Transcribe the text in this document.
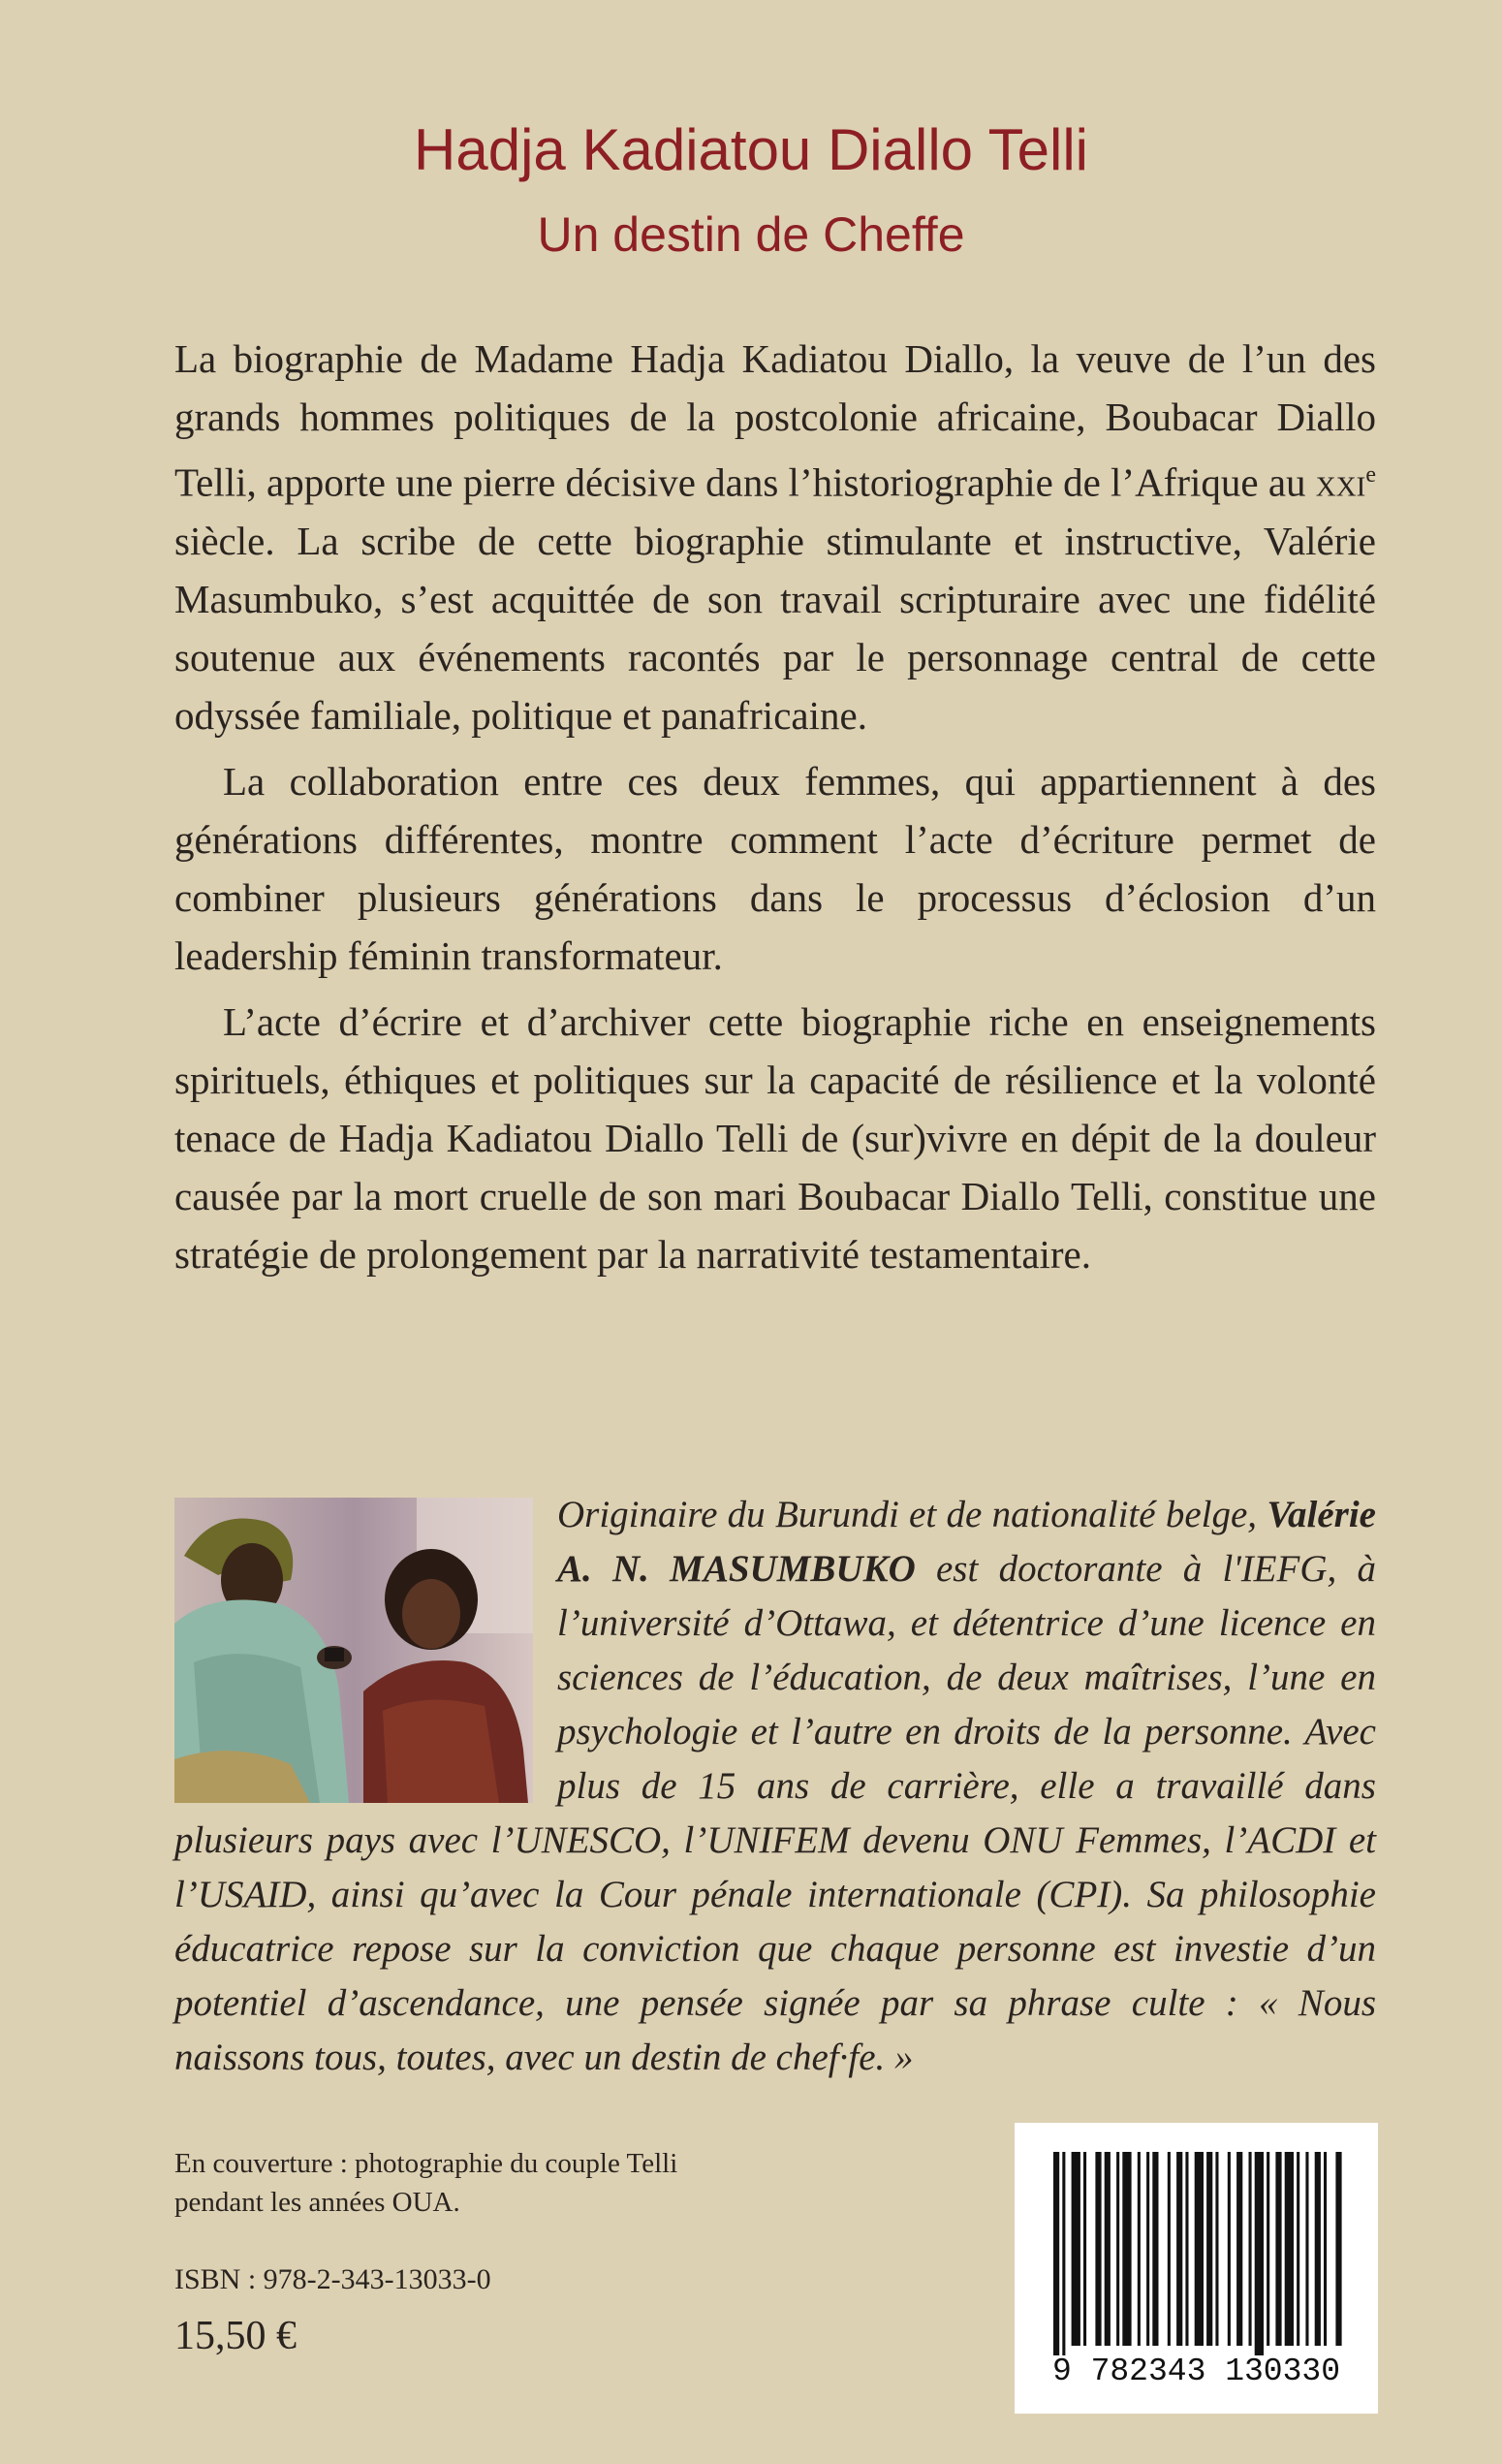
Hadja Kadiatou Diallo Telli
Un destin de Cheffe

La biographie de Madame Hadja Kadiatou Diallo, la veuve de l’un des grands hommes politiques de la postcolonie africaine, Boubacar Diallo Telli, apporte une pierre décisive dans l’historiographie de l’Afrique au xxi$^e$ siècle. La scribe de cette biographie stimulante et instructive, Valérie Masumbuko, s’est acquittée de son travail scripturaire avec une fidélité soutenue aux événements racontés par le personnage central de cette odyssée familiale, politique et panafricaine.

La collaboration entre ces deux femmes, qui appartiennent à des générations différentes, montre comment l’acte d’écriture permet de combiner plusieurs générations dans le processus d’éclosion d’un leadership féminin transformateur.

L’acte d’écrire et d’archiver cette biographie riche en enseignements spirituels, éthiques et politiques sur la capacité de résilience et la volonté tenace de Hadja Kadiatou Diallo Telli de (sur)vivre en dépit de la douleur causée par la mort cruelle de son mari Boubacar Diallo Telli, constitue une stratégie de prolongement par la narrativité testamentaire.

Originaire du Burundi et de nationalité belge, Valérie A. N. MASUMBUKO est doctorante à l'IEFG, à l’université d’Ottawa, et détentrice d’une licence en sciences de l’éducation, de deux maîtrises, l’une en psychologie et l’autre en droits de la personne. Avec plus de 15 ans de carrière, elle a travaillé dans plusieurs pays avec l’UNESCO, l’UNIFEM devenu ONU Femmes, l’ACDI et l’USAID, ainsi qu’avec la Cour pénale internationale (CPI). Sa philosophie éducatrice repose sur la conviction que chaque personne est investie d’un potentiel d’ascendance, une pensée signée par sa phrase culte : « Nous naissons tous, toutes, avec un destin de chef·fe. »
En couverture : photographie du couple Telli
pendant les années OUA.
ISBN : 978-2-343-13033-0
15,50 €
9 782343 130330
